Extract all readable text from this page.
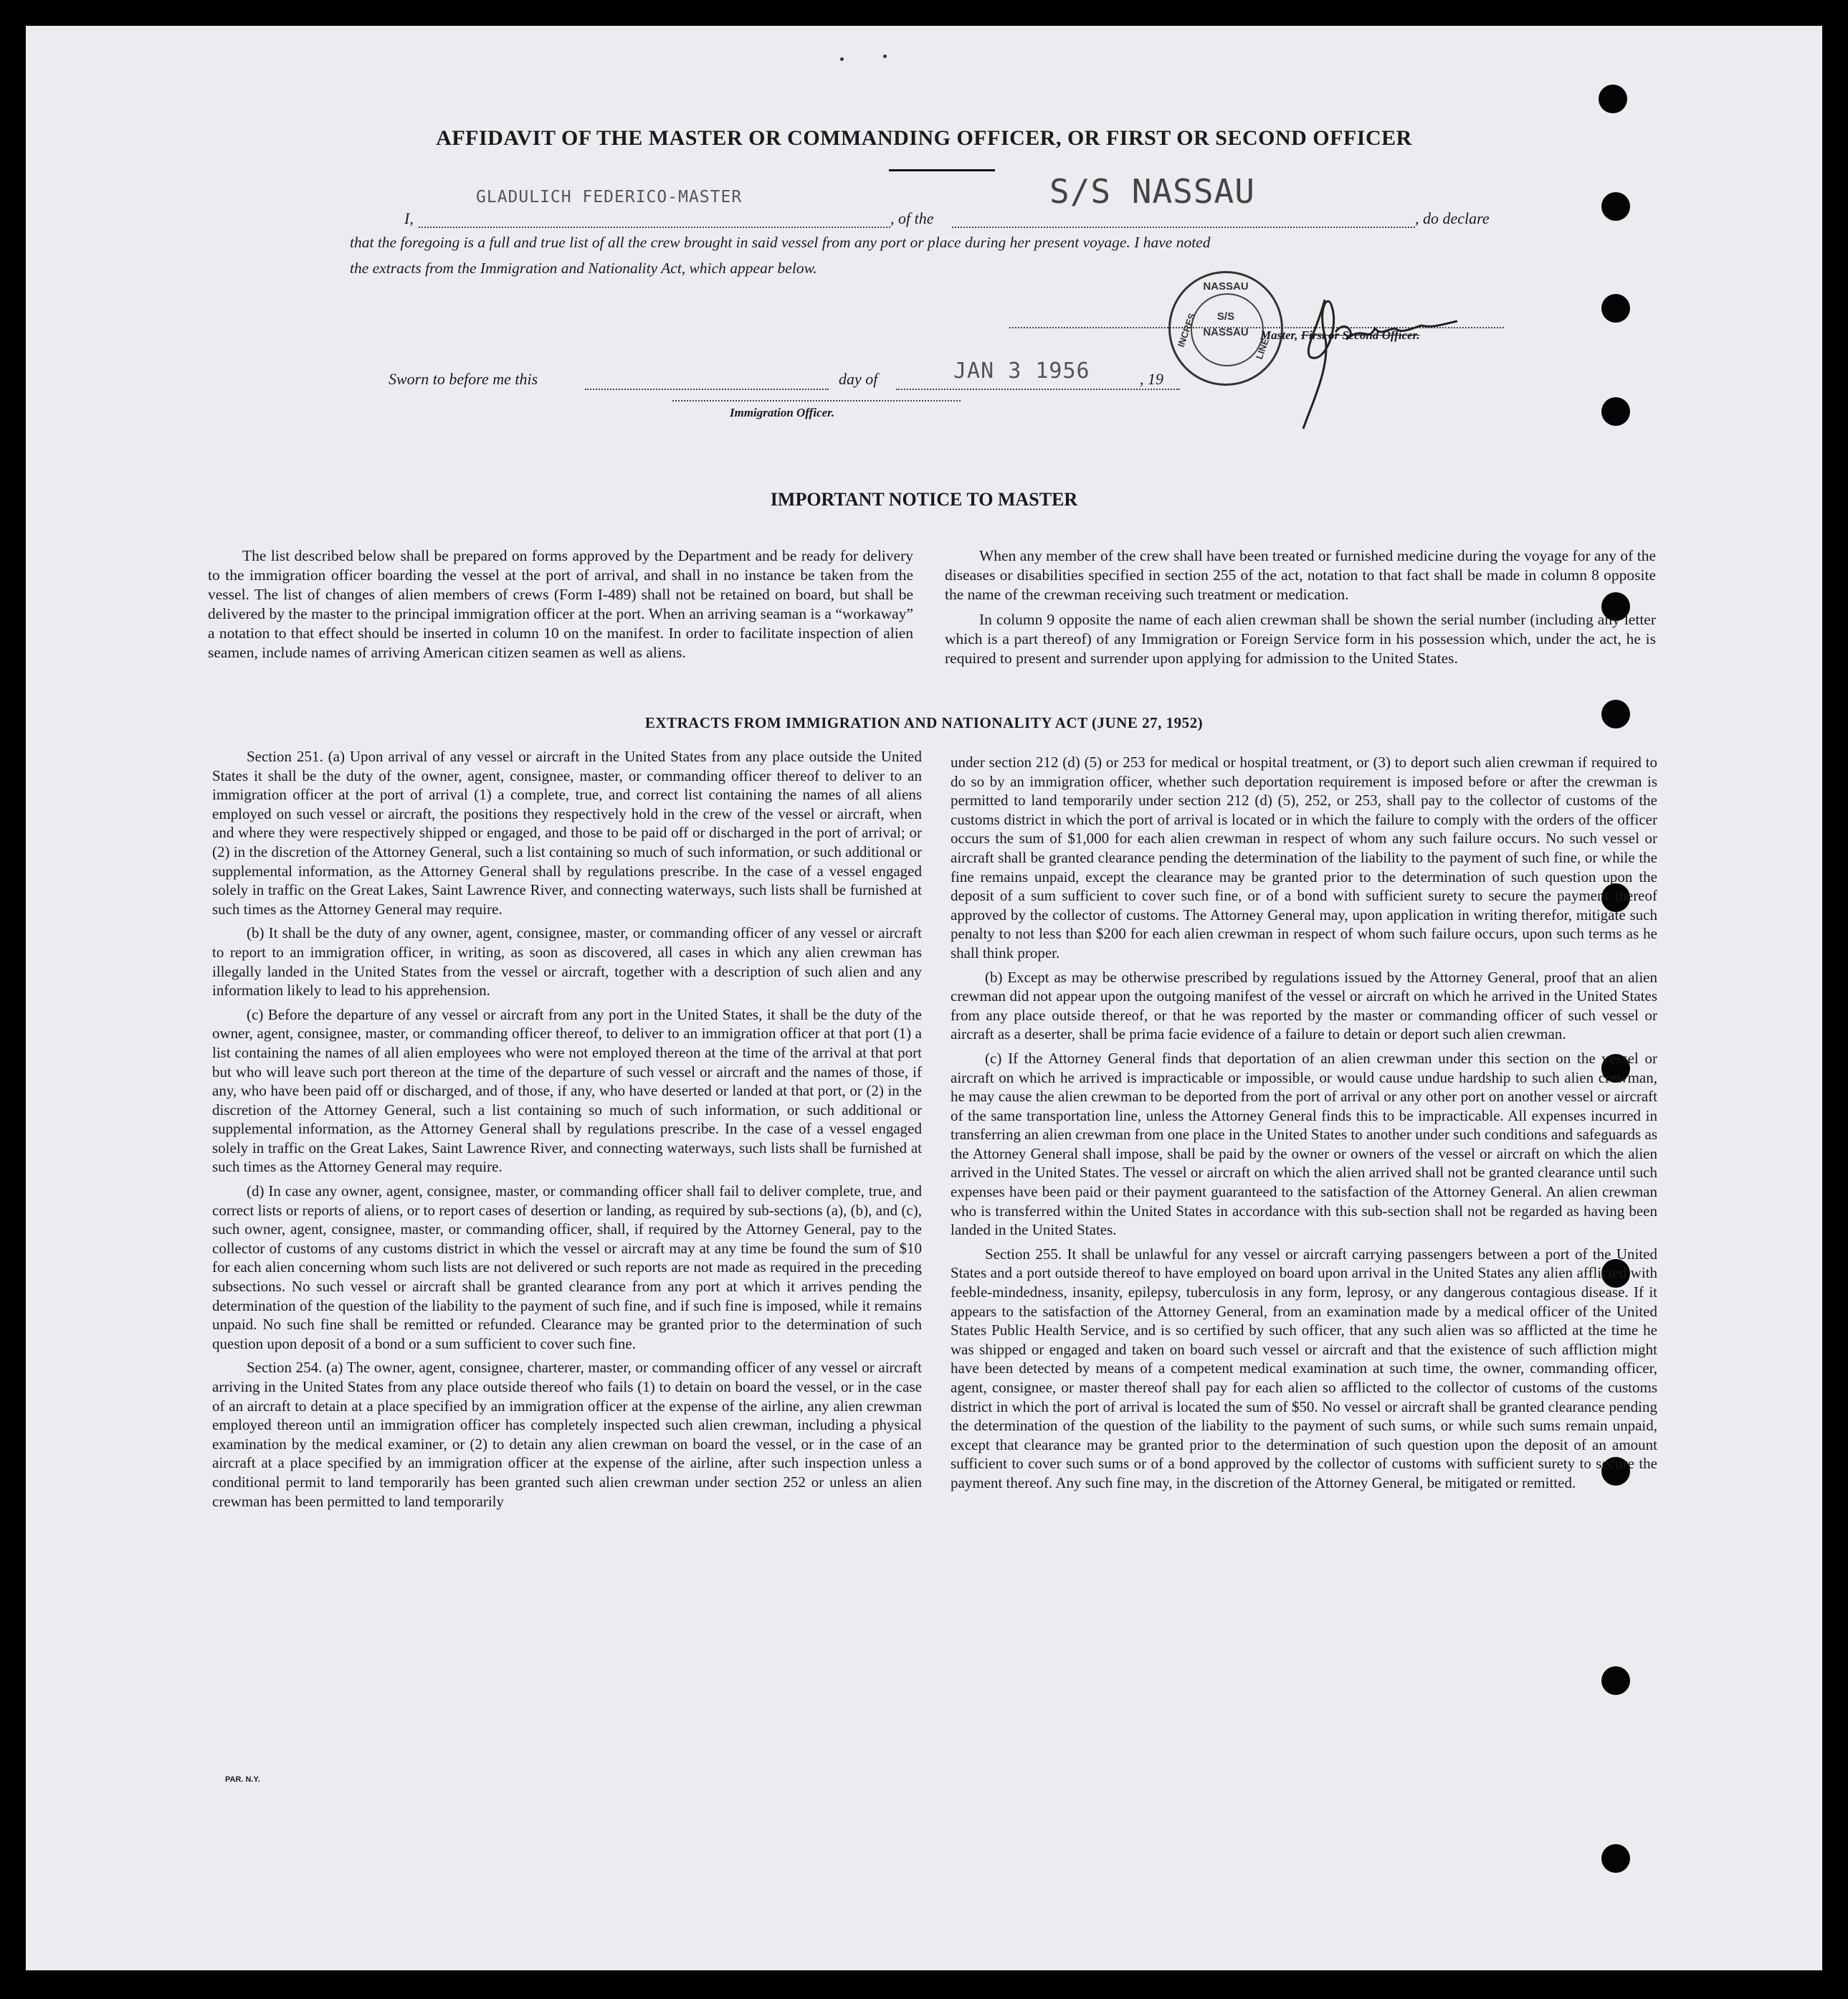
AFFIDAVIT OF THE MASTER OR COMMANDING OFFICER, OR FIRST OR SECOND OFFICER
I,
GLADULICH FEDERICO-MASTER
, of the
S/S NASSAU
, do declare
that the foregoing is a full and true list of all the crew brought in said vessel from any port or place during her present voyage. I have noted
the extracts from the Immigration and Nationality Act, which appear below.
NASSAU
S/S
NASSAU
INCRES
LINE
Master, First or Second Officer.
Sworn to before me this	day of	JAN 3 1956	, 19
Immigration Officer.
IMPORTANT NOTICE TO MASTER

The list described below shall be prepared on forms approved by the Department and be ready for delivery to the immigration officer boarding the vessel at the port of arrival, and shall in no instance be taken from the vessel. The list of changes of alien members of crews (Form I-489) shall not be retained on board, but shall be delivered by the master to the principal immigration officer at the port. When an arriving seaman is a “workaway” a notation to that effect should be inserted in column 10 on the manifest. In order to facilitate inspection of alien seamen, include names of arriving American citizen seamen as well as aliens.

When any member of the crew shall have been treated or furnished medicine during the voyage for any of the diseases or disabilities specified in section 255 of the act, notation to that fact shall be made in column 8 opposite the name of the crewman receiving such treatment or medication.

In column 9 opposite the name of each alien crewman shall be shown the serial number (including any letter which is a part thereof) of any Immigration or Foreign Service form in his possession which, under the act, he is required to present and surrender upon applying for admission to the United States.

EXTRACTS FROM IMMIGRATION AND NATIONALITY ACT (JUNE 27, 1952)

Section 251. (a) Upon arrival of any vessel or aircraft in the United States from any place outside the United States it shall be the duty of the owner, agent, consignee, master, or commanding officer thereof to deliver to an immigration officer at the port of arrival (1) a complete, true, and correct list containing the names of all aliens employed on such vessel or aircraft, the positions they respectively hold in the crew of the vessel or aircraft, when and where they were respectively shipped or engaged, and those to be paid off or discharged in the port of arrival; or (2) in the discretion of the Attorney General, such a list containing so much of such information, or such additional or supplemental information, as the Attorney General shall by regulations prescribe. In the case of a vessel engaged solely in traffic on the Great Lakes, Saint Lawrence River, and connecting waterways, such lists shall be furnished at such times as the Attorney General may require.

(b) It shall be the duty of any owner, agent, consignee, master, or commanding officer of any vessel or aircraft to report to an immigration officer, in writing, as soon as discovered, all cases in which any alien crewman has illegally landed in the United States from the vessel or aircraft, together with a description of such alien and any information likely to lead to his apprehension.

(c) Before the departure of any vessel or aircraft from any port in the United States, it shall be the duty of the owner, agent, consignee, master, or commanding officer thereof, to deliver to an immigration officer at that port (1) a list containing the names of all alien employees who were not employed thereon at the time of the arrival at that port but who will leave such port thereon at the time of the departure of such vessel or aircraft and the names of those, if any, who have been paid off or discharged, and of those, if any, who have deserted or landed at that port, or (2) in the discretion of the Attorney General, such a list containing so much of such information, or such additional or supplemental information, as the Attorney General shall by regulations prescribe. In the case of a vessel engaged solely in traffic on the Great Lakes, Saint Lawrence River, and connecting waterways, such lists shall be furnished at such times as the Attorney General may require.

(d) In case any owner, agent, consignee, master, or commanding officer shall fail to deliver complete, true, and correct lists or reports of aliens, or to report cases of desertion or landing, as required by sub-sections (a), (b), and (c), such owner, agent, consignee, master, or commanding officer, shall, if required by the Attorney General, pay to the collector of customs of any customs district in which the vessel or aircraft may at any time be found the sum of $10 for each alien concerning whom such lists are not delivered or such reports are not made as required in the preceding subsections. No such vessel or aircraft shall be granted clearance from any port at which it arrives pending the determination of the question of the liability to the payment of such fine, and if such fine is imposed, while it remains unpaid. No such fine shall be remitted or refunded. Clearance may be granted prior to the determination of such question upon deposit of a bond or a sum sufficient to cover such fine.

Section 254. (a) The owner, agent, consignee, charterer, master, or commanding officer of any vessel or aircraft arriving in the United States from any place outside thereof who fails (1) to detain on board the vessel, or in the case of an aircraft to detain at a place specified by an immigration officer at the expense of the airline, any alien crewman employed thereon until an immigration officer has completely inspected such alien crewman, including a physical examination by the medical examiner, or (2) to detain any alien crewman on board the vessel, or in the case of an aircraft at a place specified by an immigration officer at the expense of the airline, after such inspection unless a conditional permit to land temporarily has been granted such alien crewman under section 252 or unless an alien crewman has been permitted to land temporarily

under section 212 (d) (5) or 253 for medical or hospital treatment, or (3) to deport such alien crewman if required to do so by an immigration officer, whether such deportation requirement is imposed before or after the crewman is permitted to land temporarily under section 212 (d) (5), 252, or 253, shall pay to the collector of customs of the customs district in which the port of arrival is located or in which the failure to comply with the orders of the officer occurs the sum of $1,000 for each alien crewman in respect of whom any such failure occurs. No such vessel or aircraft shall be granted clearance pending the determination of the liability to the payment of such fine, or while the fine remains unpaid, except the clearance may be granted prior to the determination of such question upon the deposit of a sum sufficient to cover such fine, or of a bond with sufficient surety to secure the payment thereof approved by the collector of customs. The Attorney General may, upon application in writing therefor, mitigate such penalty to not less than $200 for each alien crewman in respect of whom such failure occurs, upon such terms as he shall think proper.

(b) Except as may be otherwise prescribed by regulations issued by the Attorney General, proof that an alien crewman did not appear upon the outgoing manifest of the vessel or aircraft on which he arrived in the United States from any place outside thereof, or that he was reported by the master or commanding officer of such vessel or aircraft as a deserter, shall be prima facie evidence of a failure to detain or deport such alien crewman.

(c) If the Attorney General finds that deportation of an alien crewman under this section on the vessel or aircraft on which he arrived is impracticable or impossible, or would cause undue hardship to such alien crewman, he may cause the alien crewman to be deported from the port of arrival or any other port on another vessel or aircraft of the same transportation line, unless the Attorney General finds this to be impracticable. All expenses incurred in transferring an alien crewman from one place in the United States to another under such conditions and safeguards as the Attorney General shall impose, shall be paid by the owner or owners of the vessel or aircraft on which the alien arrived in the United States. The vessel or aircraft on which the alien arrived shall not be granted clearance until such expenses have been paid or their payment guaranteed to the satisfaction of the Attorney General. An alien crewman who is transferred within the United States in accordance with this sub-section shall not be regarded as having been landed in the United States.

Section 255. It shall be unlawful for any vessel or aircraft carrying passengers between a port of the United States and a port outside thereof to have employed on board upon arrival in the United States any alien afflicted with feeble-mindedness, insanity, epilepsy, tuberculosis in any form, leprosy, or any dangerous contagious disease. If it appears to the satisfaction of the Attorney General, from an examination made by a medical officer of the United States Public Health Service, and is so certified by such officer, that any such alien was so afflicted at the time he was shipped or engaged and taken on board such vessel or aircraft and that the existence of such affliction might have been detected by means of a competent medical examination at such time, the owner, commanding officer, agent, consignee, or master thereof shall pay for each alien so afflicted to the collector of customs of the customs district in which the port of arrival is located the sum of $50. No vessel or aircraft shall be granted clearance pending the determination of the question of the liability to the payment of such sums, or while such sums remain unpaid, except that clearance may be granted prior to the determination of such question upon the deposit of an amount sufficient to cover such sums or of a bond approved by the collector of customs with sufficient surety to secure the payment thereof. Any such fine may, in the discretion of the Attorney General, be mitigated or remitted.

PAR. N.Y.
